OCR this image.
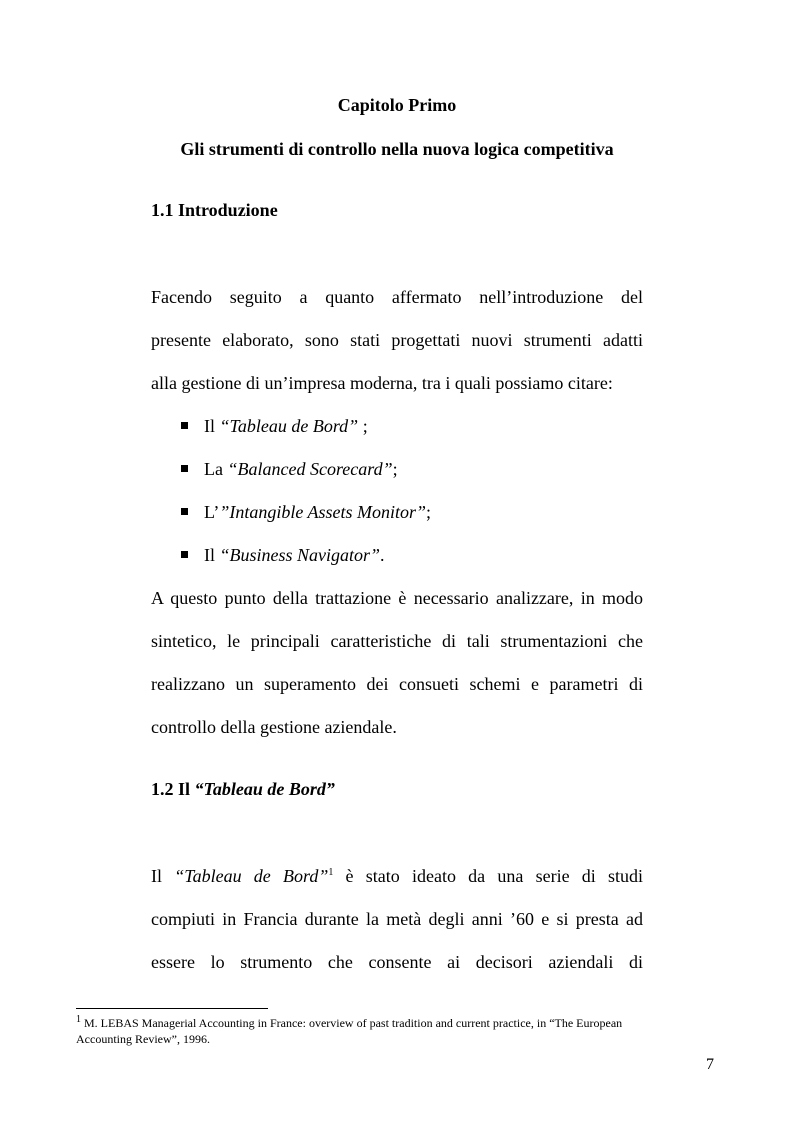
Capitolo Primo

Gli strumenti di controllo nella nuova logica competitiva

1.1 Introduzione

Facendo seguito a quanto affermato nell’introduzione del

presente elaborato, sono stati progettati nuovi strumenti adatti

alla gestione di un’impresa moderna, tra i quali possiamo citare:

Il “Tableau de Bord” ;

La “Balanced Scorecard”;

L’”Intangible Assets Monitor”;

Il “Business Navigator”.

A questo punto della trattazione è necessario analizzare, in modo

sintetico, le principali caratteristiche di tali strumentazioni che

realizzano un superamento dei consueti schemi e parametri di

controllo della gestione aziendale.

1.2 Il “Tableau de Bord”

Il “Tableau de Bord”$^1$ è stato ideato da una serie di studi

compiuti in Francia durante la metà degli anni ’60 e si presta ad

essere lo strumento che consente ai decisori aziendali di

$^1$ M. LEBAS Managerial Accounting in France: overview of past tradition and current practice, in “The European

Accounting Review”, 1996.

7
